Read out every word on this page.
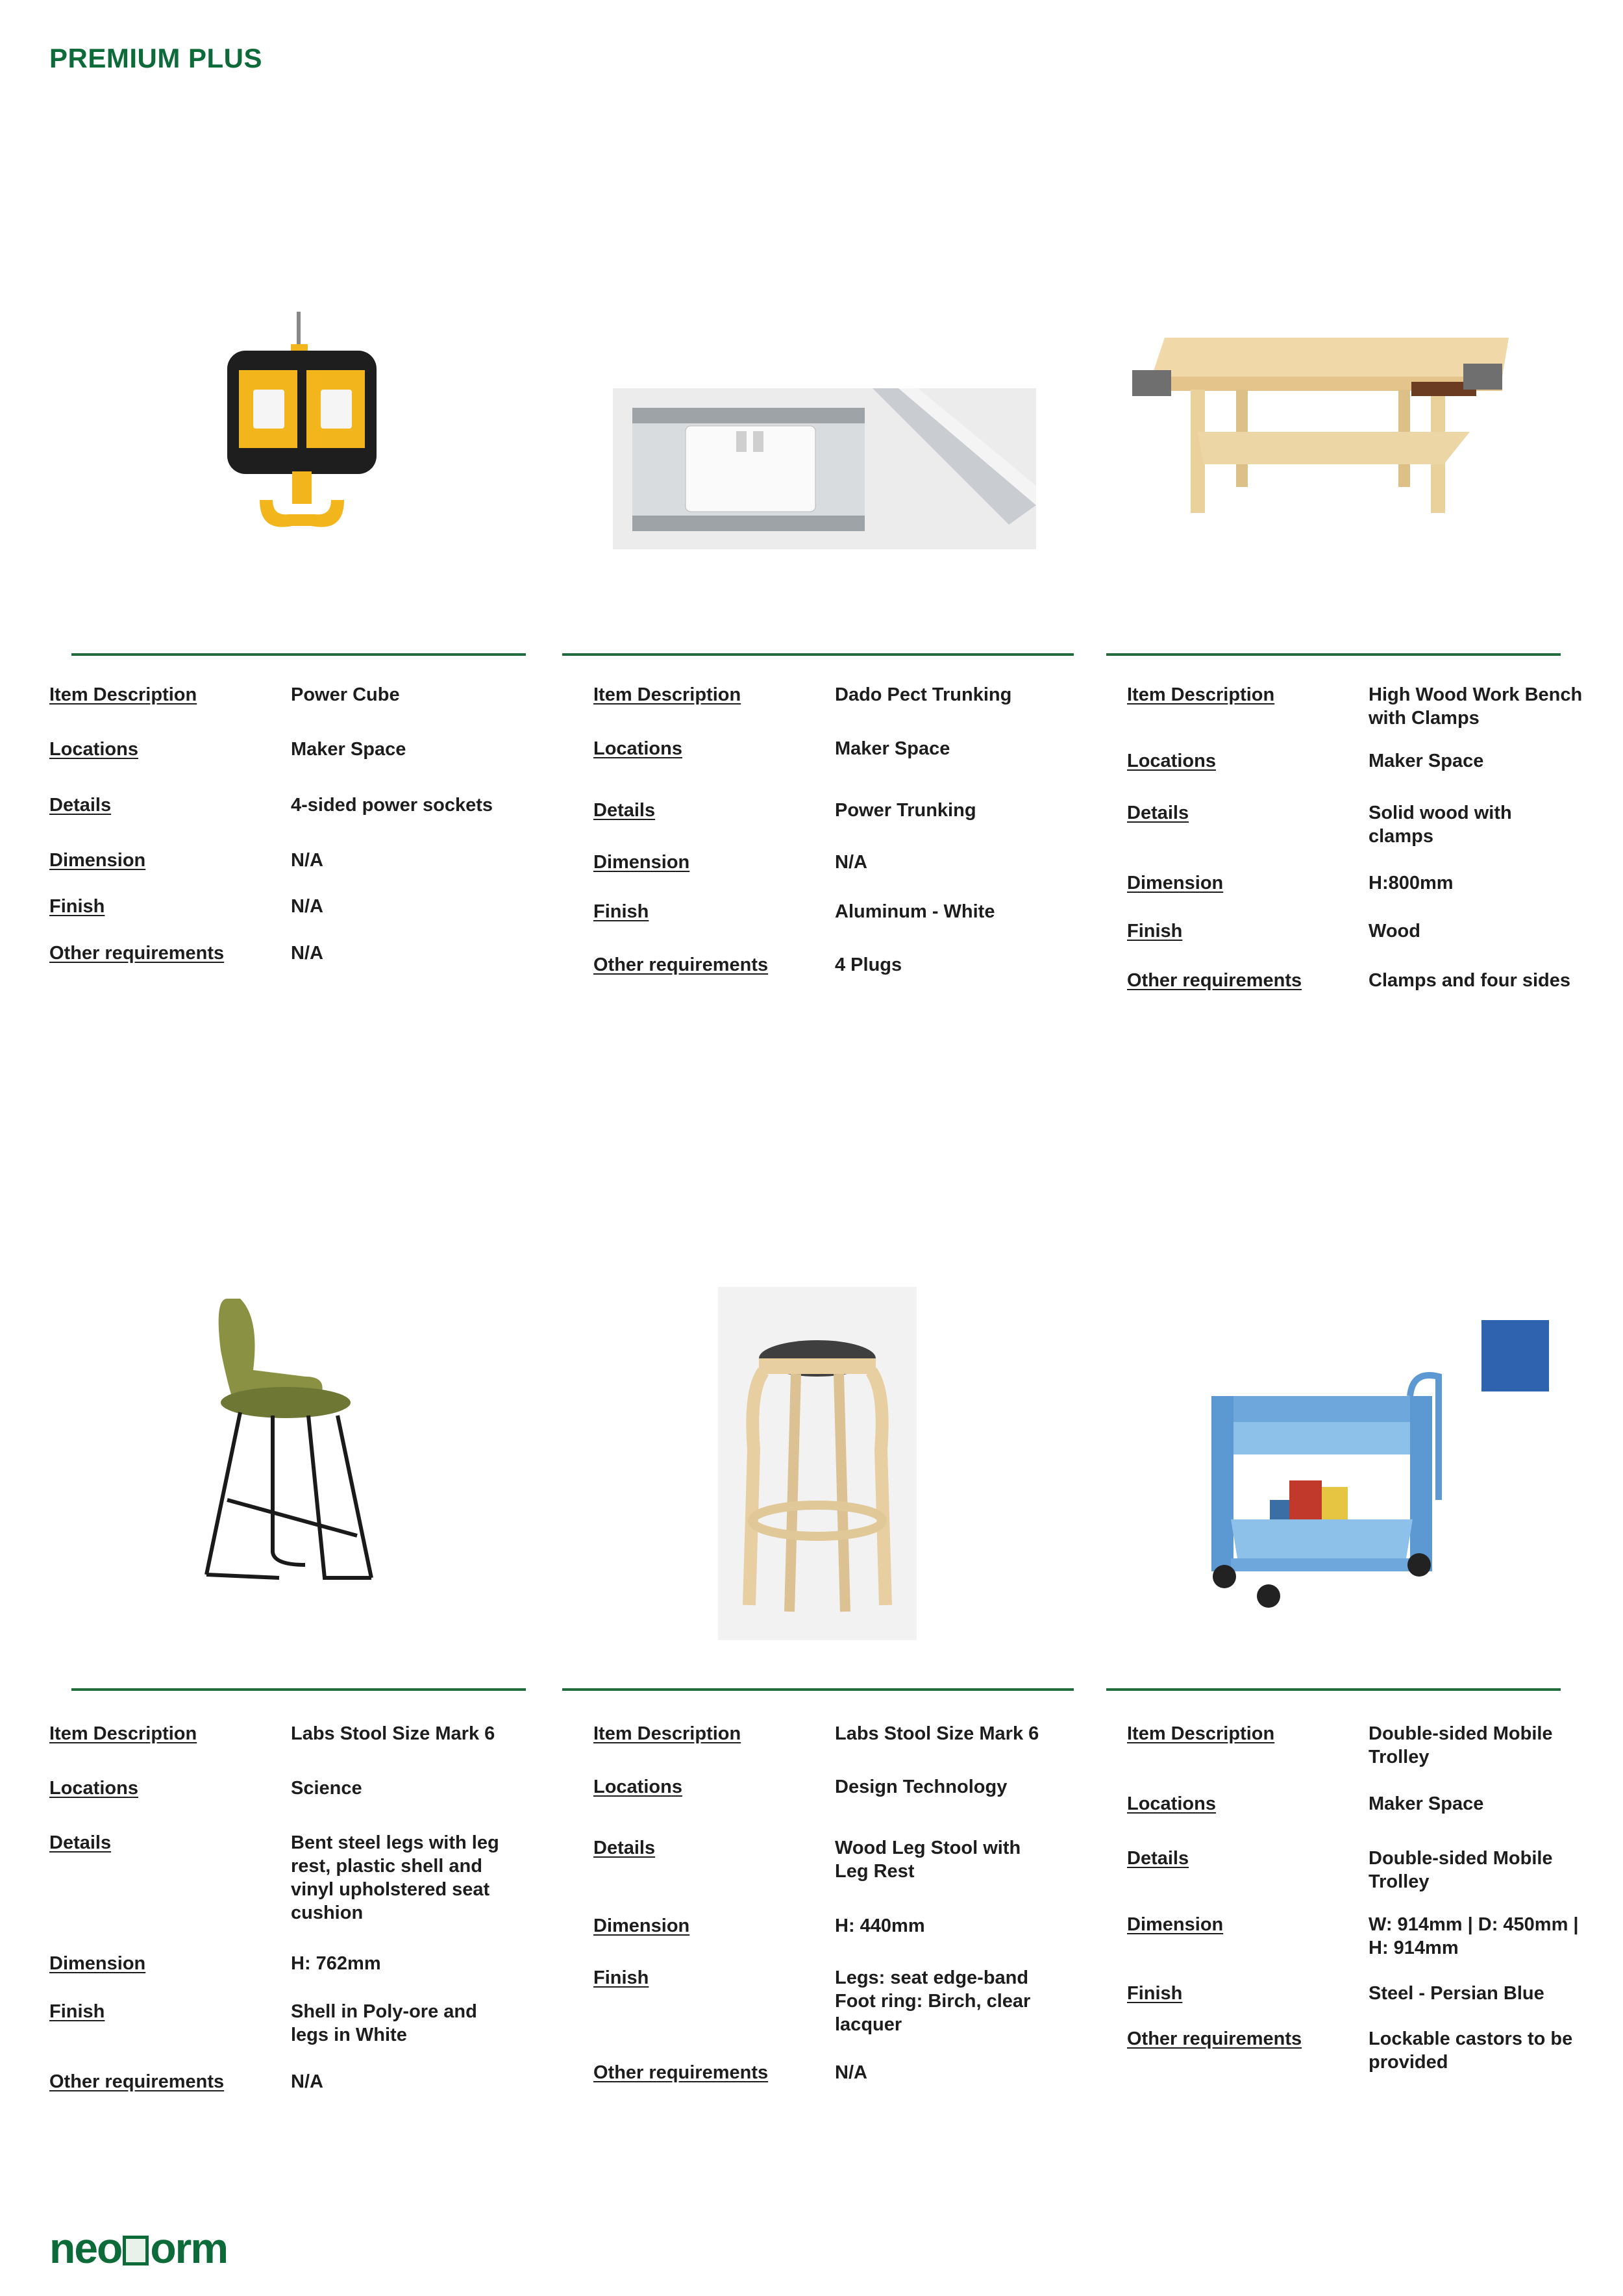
PREMIUM PLUS
Item Description	Power Cube
Locations	Maker Space
Details	4-sided power sockets
Dimension	N/A
Finish	N/A
Other requirements	N/A
Item Description	Dado Pect Trunking
Locations	Maker Space
Details	Power Trunking
Dimension	N/A
Finish	Aluminum - White
Other requirements	4 Plugs
Item Description	High Wood Work Bench with Clamps
Locations	Maker Space
Details	Solid wood with clamps
Dimension	H:800mm
Finish	Wood
Other requirements	Clamps and four sides
Item Description	Labs Stool Size Mark 6
Locations	Science
Details	Bent steel legs with leg rest, plastic shell and vinyl upholstered seat cushion
Dimension	H: 762mm
Finish	Shell in Poly-ore and legs in White
Other requirements	N/A
Item Description	Labs Stool Size Mark 6
Locations	Design Technology
Details	Wood Leg Stool with Leg Rest
Dimension	H: 440mm
Finish	Legs: seat edge-band Foot ring: Birch, clear lacquer
Other requirements	N/A
Item Description	Double-sided Mobile Trolley
Locations	Maker Space
Details	Double-sided Mobile Trolley
Dimension	W: 914mm | D: 450mm | H: 914mm
Finish	Steel - Persian Blue
Other requirements	Lockable castors to be provided
neo orm
